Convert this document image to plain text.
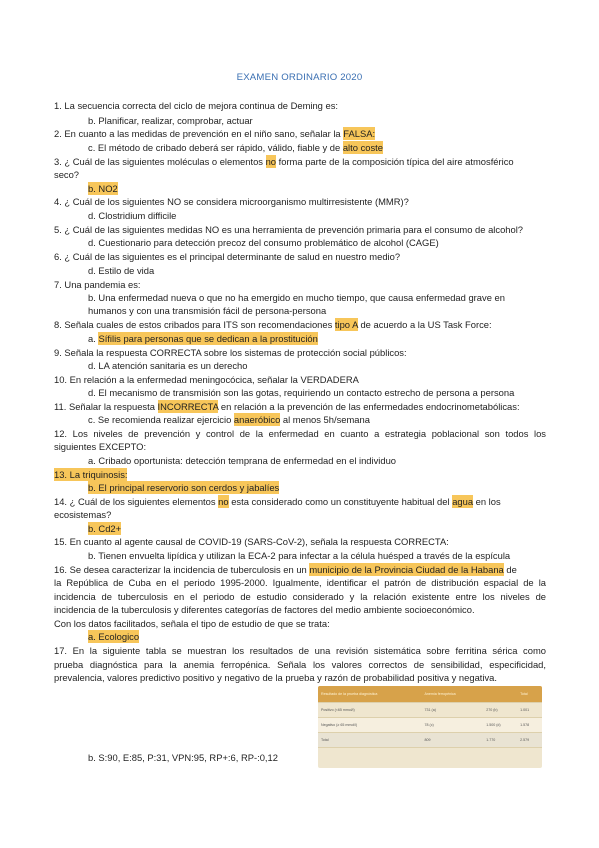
EXAMEN ORDINARIO 2020
1. La secuencia correcta del ciclo de mejora continua de Deming es:
b. Planificar, realizar, comprobar, actuar
2. En cuanto a las medidas de prevención en el niño sano, señalar la FALSA:
c. El método de cribado deberá ser rápido, válido, fiable y de alto coste
3. ¿ Cuál de las siguientes moléculas o elementos no forma parte de la composición típica del aire atmosférico
seco?
b. NO2
4. ¿ Cuál de los siguientes NO se considera microorganismo multirresistente (MMR)?
d. Clostridium difficile
5. ¿ Cuál de las siguientes medidas NO es una herramienta de prevención primaria para el consumo de alcohol?
d. Cuestionario para detección precoz del consumo problemático de alcohol (CAGE)
6. ¿ Cuál de las siguientes es el principal determinante de salud en nuestro medio?
d. Estilo de vida
7. Una pandemia es:
b. Una enfermedad nueva o que no ha emergido en mucho tiempo, que causa enfermedad grave en
humanos y con una transmisión fácil de persona-persona
8. Señala cuales de estos cribados para ITS son recomendaciones tipo A de acuerdo a la US Task Force:
a. Sífilis para personas que se dedican a la prostitución
9. Señala la respuesta CORRECTA sobre los sistemas de protección social públicos:
d. LA atención sanitaria es un derecho
10. En relación a la enfermedad meningocócica, señalar la VERDADERA
d. El mecanismo de transmisión son las gotas, requiriendo un contacto estrecho de persona a persona
11. Señalar la respuesta INCORRECTA en relación a la prevención de las enfermedades endocrinometabólicas:
c. Se recomienda realizar ejercicio anaeróbico al menos 5h/semana
12. Los niveles de prevención y control de la enfermedad en cuanto a estrategia poblacional son todos los
siguientes EXCEPTO:
a. Cribado oportunista: detección temprana de enfermedad en el individuo
13. La triquinosis:
b. El principal reservorio son cerdos y jabalíes
14. ¿ Cuál de los siguientes elementos no esta considerado como un constituyente habitual del agua en los
ecosistemas?
b. Cd2+
15. En cuanto al agente causal de COVID-19 (SARS-CoV-2), señala la respuesta CORRECTA:
b. Tienen envuelta lipídica y utilizan la ECA-2 para infectar a la célula huésped a través de la espícula
16. Se desea caracterizar la incidencia de tuberculosis en un municipio de la Provincia Ciudad de la Habana de
la República de Cuba en el periodo 1995-2000. Igualmente, identificar el patrón de distribución espacial de la
incidencia de tuberculosis en el periodo de estudio considerado y la relación existente entre los niveles de
incidencia de la tuberculosis y diferentes categorías de factores del medio ambiente socioeconómico.
Con los datos facilitados, señala el tipo de estudio de que se trata:
a. Ecologico
17. En la siguiente tabla se muestran los resultados de una revisión sistemática sobre ferritina sérica como
prueba diagnóstica para la anemia ferropénica. Señala los valores correctos de sensibilidad, especificidad,
prevalencia, valores predictivo positivo y negativo de la prueba y razón de probabilidad positiva y negativa.
Resultado de la prueba diagnóstica	Anemia ferropénica		Total
Positivo (<65 mmol/l)	731 (a)	270 (b)	1.001
Negativo (≥ 65 mmol/l)	78 (c)	1.500 (d)	1.578
Total	809	1.770	2.579
b. S:90, E:85, P:31, VPN:95, RP+:6, RP-:0,12
